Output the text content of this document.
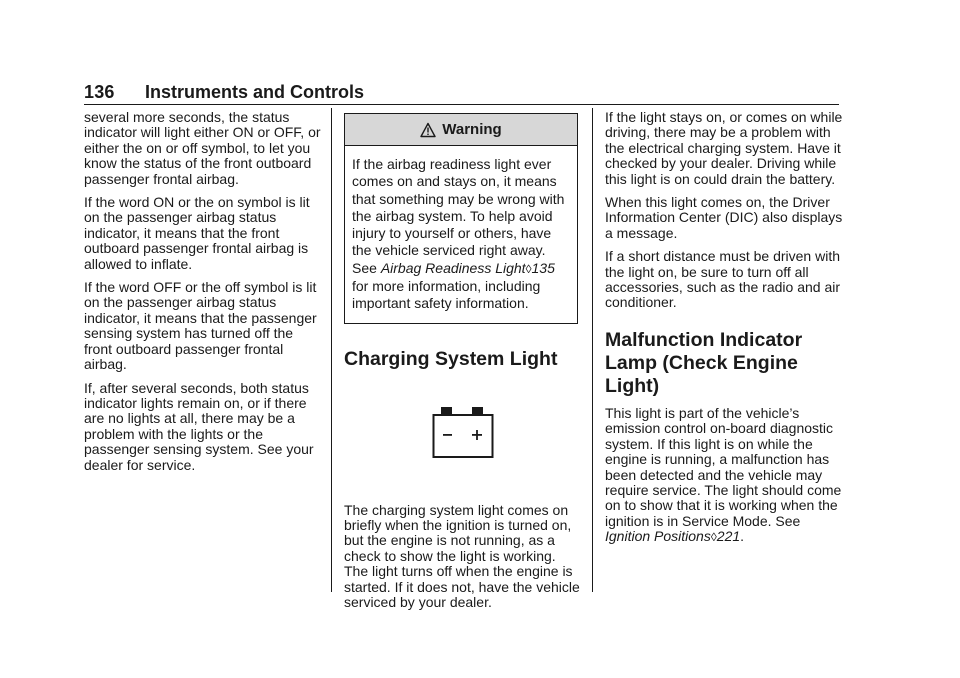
136 Instruments and Controls

several more seconds, the status indicator will light either ON or OFF, or either the on or off symbol, to let you know the status of the front outboard passenger frontal airbag.

If the word ON or the on symbol is lit on the passenger airbag status indicator, it means that the front outboard passenger frontal airbag is allowed to inflate.

If the word OFF or the off symbol is lit on the passenger airbag status indicator, it means that the passenger sensing system has turned off the front outboard passenger frontal airbag.

If, after several seconds, both status indicator lights remain on, or if there are no lights at all, there may be a problem with the lights or the passenger sensing system. See your dealer for service.

Warning
If the airbag readiness light ever comes on and stays on, it means that something may be wrong with the airbag system. To help avoid injury to yourself or others, have the vehicle serviced right away. See Airbag Readiness Light◊135 for more information, including important safety information.
Charging System Light

The charging system light comes on briefly when the ignition is turned on, but the engine is not running, as a check to show the light is working. The light turns off when the engine is started. If it does not, have the vehicle serviced by your dealer.

If the light stays on, or comes on while driving, there may be a problem with the electrical charging system. Have it checked by your dealer. Driving while this light is on could drain the battery.

When this light comes on, the Driver Information Center (DIC) also displays a message.

If a short distance must be driven with the light on, be sure to turn off all accessories, such as the radio and air conditioner.

Malfunction Indicator Lamp (Check Engine Light)

This light is part of the vehicle’s emission control on-board diagnostic system. If this light is on while the engine is running, a malfunction has been detected and the vehicle may require service. The light should come on to show that it is working when the ignition is in Service Mode. See Ignition Positions◊221.
